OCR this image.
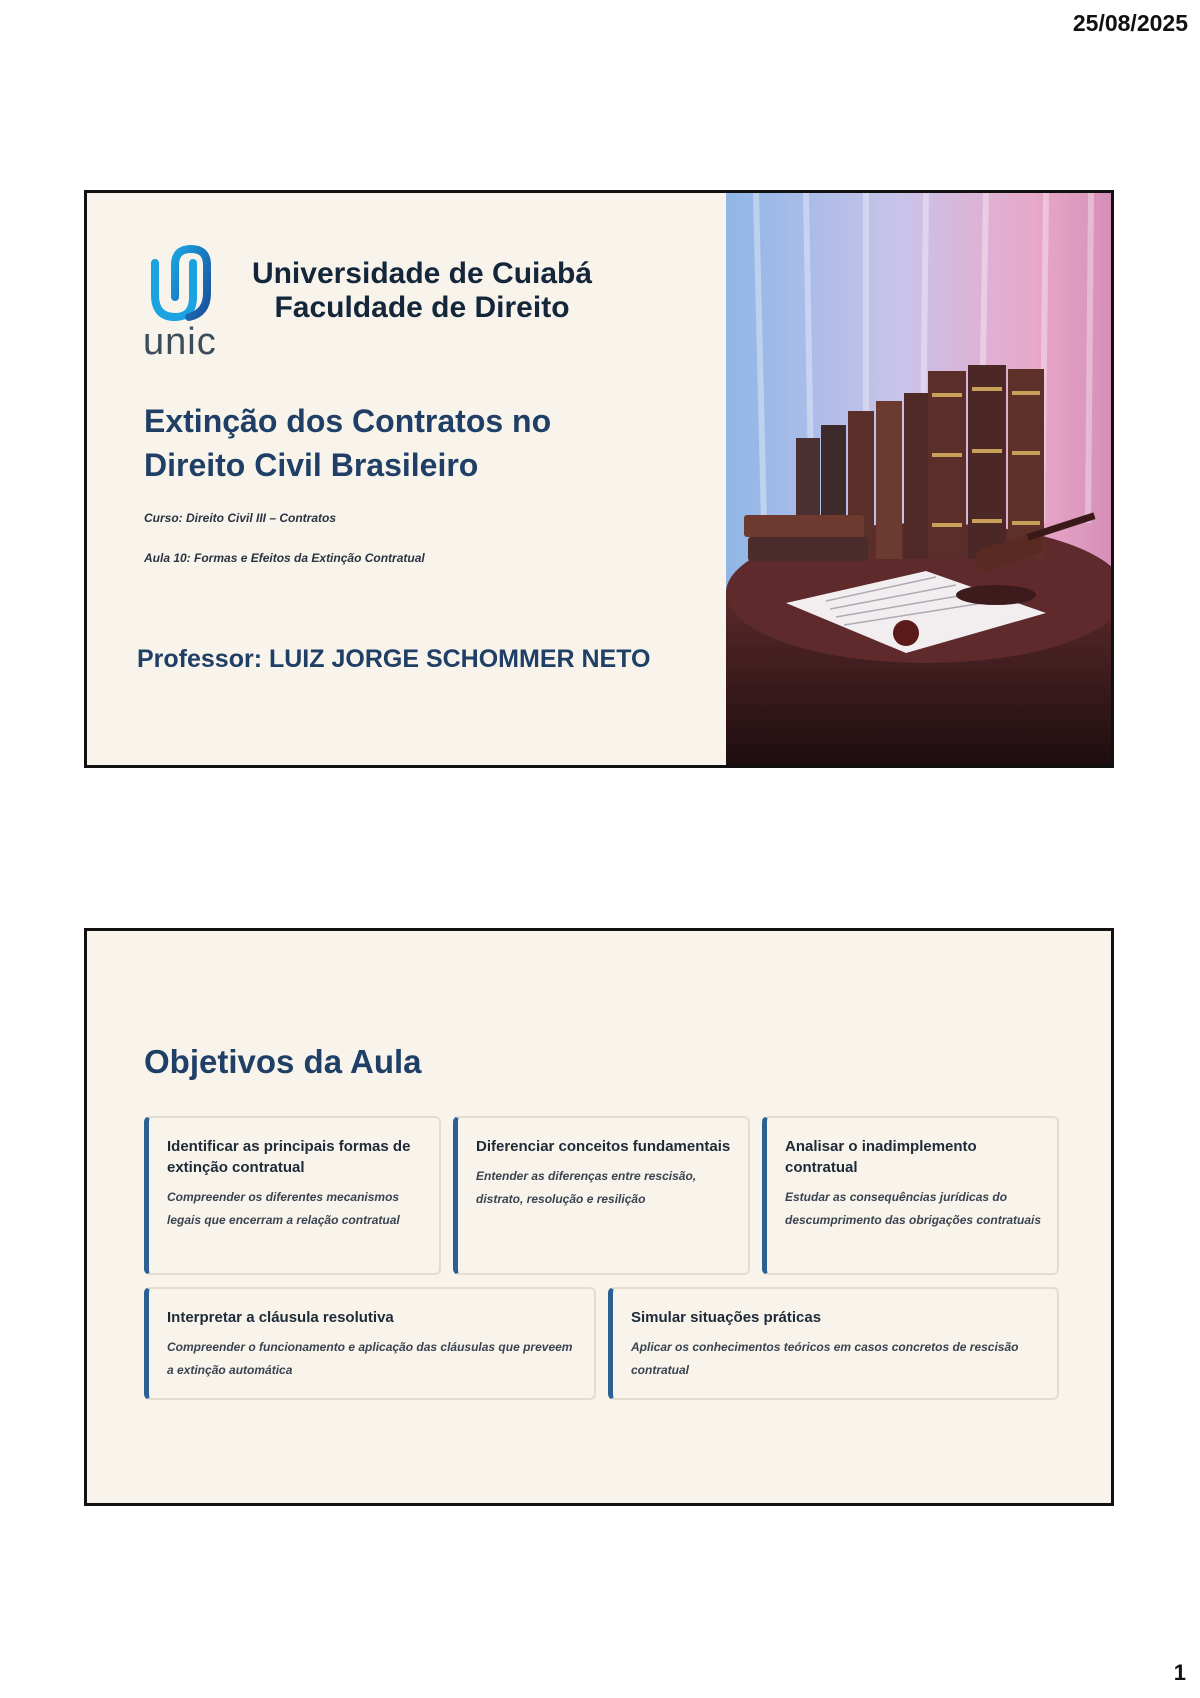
25/08/2025
unic
Universidade de Cuiabá
Faculdade de Direito
Extinção dos Contratos no
Direito Civil Brasileiro
Curso: Direito Civil III – Contratos
Aula 10: Formas e Efeitos da Extinção Contratual
Professor: LUIZ JORGE SCHOMMER NETO
Objetivos da Aula
Identificar as principais formas de extinção contratual
Compreender os diferentes mecanismos legais que encerram a relação contratual
Diferenciar conceitos fundamentais
Entender as diferenças entre rescisão, distrato, resolução e resilição
Analisar o inadimplemento contratual
Estudar as consequências jurídicas do descumprimento das obrigações contratuais
Interpretar a cláusula resolutiva
Compreender o funcionamento e aplicação das cláusulas que preveem a extinção automática
Simular situações práticas
Aplicar os conhecimentos teóricos em casos concretos de rescisão contratual
1
